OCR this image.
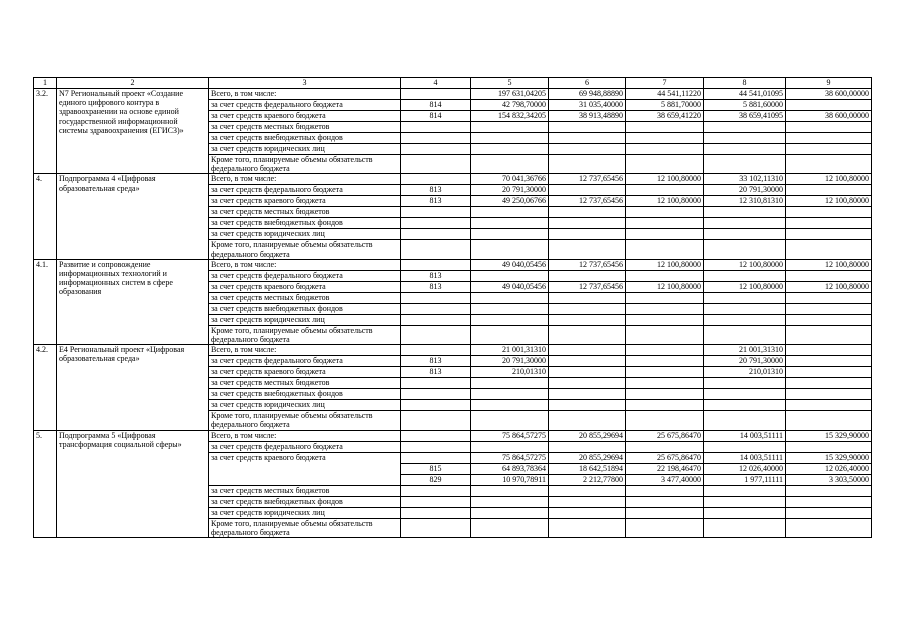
1	2	3	4	5	6	7	8	9
3.2.	N7 Региональный проект «Создание единого цифрового контура в здравоохранении на основе единой государственной информационной системы здравоохранения (ЕГИСЗ)»	Всего, в том числе:		197 631,04205	69 948,88890	44 541,11220	44 541,01095	38 600,00000
		за счет средств федерального бюджета	814	42 798,70000	31 035,40000	5 881,70000	5 881,60000	
		за счет средств краевого бюджета	814	154 832,34205	38 913,48890	38 659,41220	38 659,41095	38 600,00000
		за счет средств местных бюджетов						
		за счет средств внебюджетных фондов						
		за счет средств юридических лиц						
		Кроме того, планируемые объемы обязательств федерального бюджета						
4.	Подпрограмма 4 «Цифровая образовательная среда»	Всего, в том числе:		70 041,36766	12 737,65456	12 100,80000	33 102,11310	12 100,80000
		за счет средств федерального бюджета	813	20 791,30000			20 791,30000	
		за счет средств краевого бюджета	813	49 250,06766	12 737,65456	12 100,80000	12 310,81310	12 100,80000
		за счет средств местных бюджетов						
		за счет средств внебюджетных фондов						
		за счет средств юридических лиц						
		Кроме того, планируемые объемы обязательств федерального бюджета						
4.1.	Развитие и сопровождение информационных технологий и информационных систем в сфере образования	Всего, в том числе:		49 040,05456	12 737,65456	12 100,80000	12 100,80000	12 100,80000
		за счет средств федерального бюджета	813					
		за счет средств краевого бюджета	813	49 040,05456	12 737,65456	12 100,80000	12 100,80000	12 100,80000
		за счет средств местных бюджетов						
		за счет средств внебюджетных фондов						
		за счет средств юридических лиц						
		Кроме того, планируемые объемы обязательств федерального бюджета						
4.2.	E4 Региональный проект «Цифровая образовательная среда»	Всего, в том числе:		21 001,31310			21 001,31310	
		за счет средств федерального бюджета	813	20 791,30000			20 791,30000	
		за счет средств краевого бюджета	813	210,01310			210,01310	
		за счет средств местных бюджетов						
		за счет средств внебюджетных фондов						
		за счет средств юридических лиц						
		Кроме того, планируемые объемы обязательств федерального бюджета						
5.	Подпрограмма 5 «Цифровая трансформация социальной сферы»	Всего, в том числе:		75 864,57275	20 855,29694	25 675,86470	14 003,51111	15 329,90000
		за счет средств федерального бюджета						
		за счет средств краевого бюджета		75 864,57275	20 855,29694	25 675,86470	14 003,51111	15 329,90000
			815	64 893,78364	18 642,51894	22 198,46470	12 026,40000	12 026,40000
			829	10 970,78911	2 212,77800	3 477,40000	1 977,11111	3 303,50000
		за счет средств местных бюджетов						
		за счет средств внебюджетных фондов						
		за счет средств юридических лиц						
		Кроме того, планируемые объемы обязательств федерального бюджета						
